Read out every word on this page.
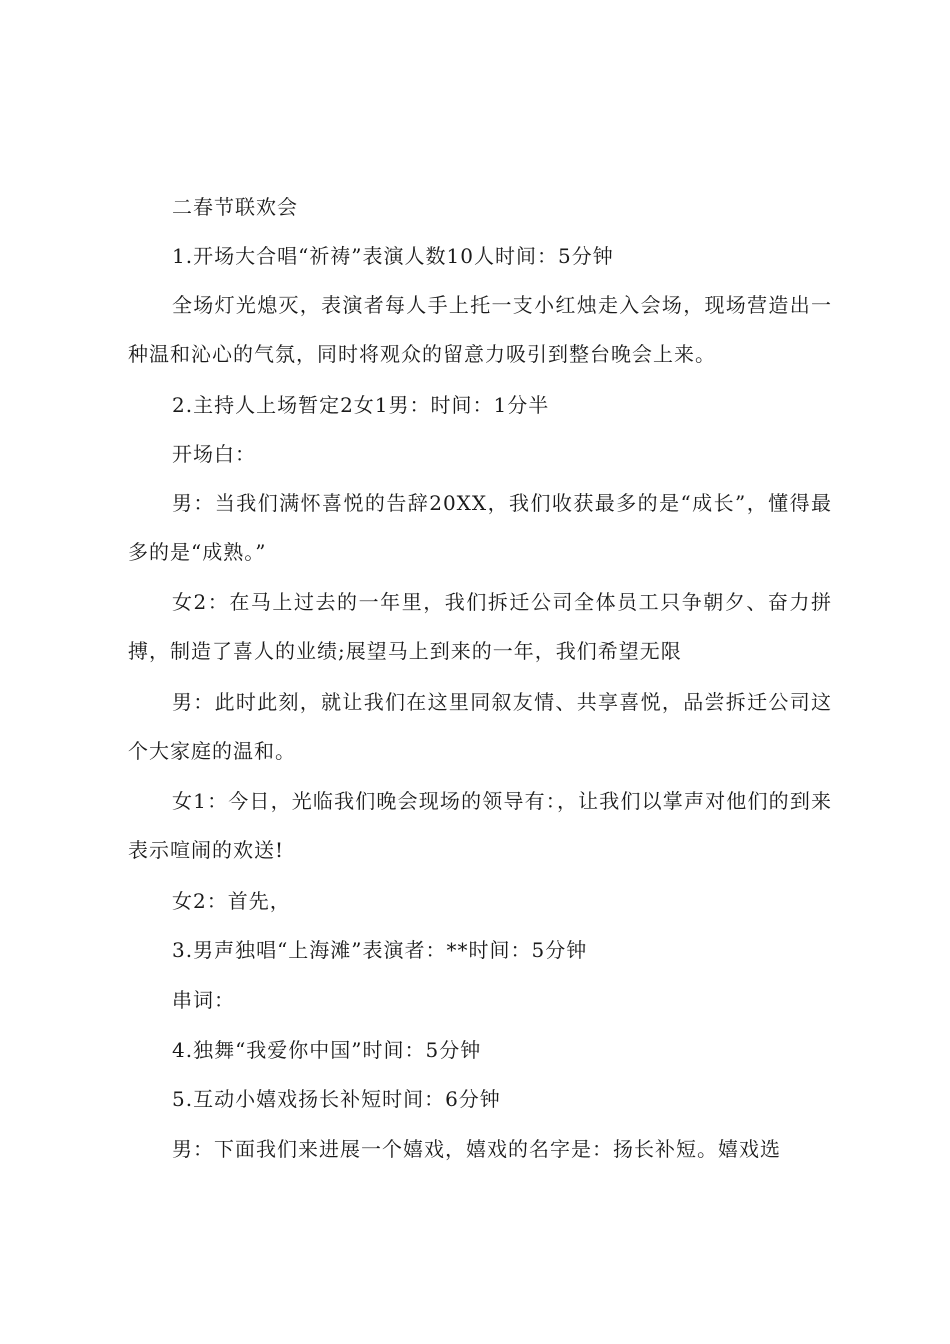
二春节联欢会

1.开场大合唱“祈祷”表演人数10人时间：5分钟

全场灯光熄灭，表演者每人手上托一支小红烛走入会场，现场营造出一种温和沁心的气氛，同时将观众的留意力吸引到整台晚会上来。

2.主持人上场暂定2女1男：时间：1分半

开场白：

男：当我们满怀喜悦的告辞20XX，我们收获最多的是“成长”，懂得最多的是“成熟。”

女2：在马上过去的一年里，我们拆迁公司全体员工只争朝夕、奋力拼搏，制造了喜人的业绩;展望马上到来的一年，我们希望无限

男：此时此刻，就让我们在这里同叙友情、共享喜悦，品尝拆迁公司这个大家庭的温和。

女1：今日，光临我们晚会现场的领导有：，让我们以掌声对他们的到来表示喧闹的欢送!

女2：首先，

3.男声独唱“上海滩”表演者：**时间：5分钟

串词：

4.独舞“我爱你中国”时间：5分钟

5.互动小嬉戏扬长补短时间：6分钟

男：下面我们来进展一个嬉戏，嬉戏的名字是：扬长补短。嬉戏选
